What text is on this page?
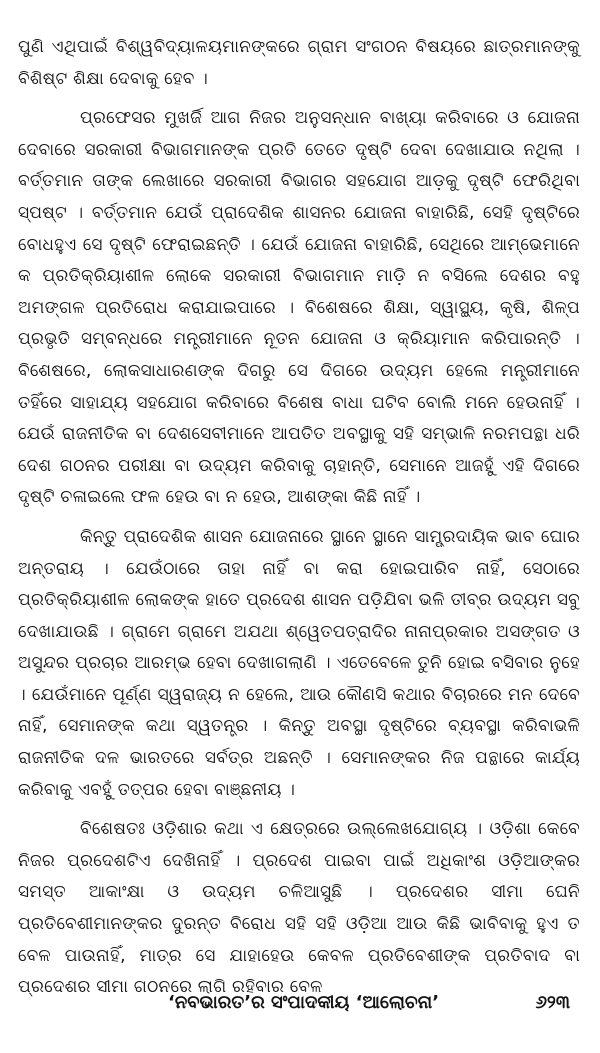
ପୁଣି ଏଥିପାଇଁ ବିଶ୍ୱବିଦ୍ୟାଳୟମାନଙ୍କରେ ଗ୍ରାମ ସଂଗଠନ ବିଷୟରେ ଛାତ୍ରମାନଙ୍କୁ ବିଶିଷ୍ଟ ଶିକ୍ଷା ଦେବାକୁ ହେବ ।

ପ୍ରଫେସର ମୁଖର୍ଜି ଆଗ ନିଜର ଅନୁସନ୍ଧାନ ବାଖ୍ୟା କରିବାରେ ଓ ଯୋଜନା ଦେବାରେ ସରକାରୀ ବିଭାଗମାନଙ୍କ ପ୍ରତି ତେତେ ଦୃଷ୍ଟି ଦେବା ଦେଖାଯାଉ ନଥିଲା । ବର୍ତ୍ତମାନ ତାଙ୍କ ଲେଖାରେ ସରକାରୀ ବିଭାଗର ସହଯୋଗ ଆଡ଼କୁ ଦୃଷ୍ଟି ଫେରିଥିବା ସ୍ପଷ୍ଟ । ବର୍ତ୍ତମାନ ଯେଉଁ ପ୍ରାଦେଶିକ ଶାସନର ଯୋଜନା ବାହାରିଛି, ସେହି ଦୃଷ୍ଟିରେ ବୋଧହୁଏ ସେ ଦୃଷ୍ଟି ଫେରାଇଛନ୍ତି । ଯେଉଁ ଯୋଜନା ବାହାରିଛି, ସେଥିରେ ଆମ୍ଭେମାନେ କ ପ୍ରତିକ୍ରିୟାଶୀଳ ଲୋକେ ସରକାରୀ ବିଭାଗମାନ ମାଡ଼ି ନ ବସିଲେ ଦେଶର ବହୁ ଅମଙ୍ଗଳ ପ୍ରତିରୋଧ କରାଯାଇପାରେ । ବିଶେଷରେ ଶିକ୍ଷା, ସ୍ୱାସ୍ଥ୍ୟ, କୃଷି, ଶିଳ୍ପ ପ୍ରଭୃତି ସମ୍ବନ୍ଧରେ ମନ୍ତ୍ରୀମାନେ ନୂତନ ଯୋଜନା ଓ କ୍ରିୟାମାନ କରିପାରନ୍ତି । ବିଶେଷରେ, ଲୋକସାଧାରଣଙ୍କ ଦିଗରୁ ସେ ଦିଗରେ ଉଦ୍ୟମ ହେଲେ ମନ୍ତ୍ରୀମାନେ ତହିଁରେ ସାହାଯ୍ୟ ସହଯୋଗ କରିବାରେ ବିଶେଷ ବାଧା ଘଟିବ ବୋଲି ମନେ ହେଉନାହିଁ । ଯେଉଁ ରାଜନୀତିକ ବା ଦେଶସେବୀମାନେ ଆପତିତ ଅବସ୍ଥାକୁ ସହି ସମ୍ଭାଳି ନରମପନ୍ଥା ଧରି ଦେଶ ଗଠନର ପରୀକ୍ଷା ବା ଉଦ୍ୟମ କରିବାକୁ ଚାହାନ୍ତି, ସେମାନେ ଆଜହୁଁ ଏହି ଦିଗରେ ଦୃଷ୍ଟି ଚଳାଇଲେ ଫଳ ହେଉ ବା ନ ହେଉ, ଆଶଙ୍କା କିଛି ନାହିଁ ।

କିନ୍ତୁ ପ୍ରାଦେଶିକ ଶାସନ ଯୋଜନାରେ ସ୍ଥାନେ ସ୍ଥାନେ ସାମ୍ପ୍ରଦାୟିକ ଭାବ ଘୋର ଅନ୍ତରାୟ । ଯେଉଁଠାରେ ତାହା ନାହିଁ ବା କରା ହୋଇପାରିବ ନାହିଁ, ସେଠାରେ ପ୍ରତିକ୍ରିୟାଶୀଳ ଲୋକଙ୍କ ହାତେ ପ୍ରଦେଶ ଶାସନ ପଡ଼ିଯିବା ଭଳି ତୀବ୍ର ଉଦ୍ୟମ ସବୁ ଦେଖାଯାଉଛି । ଗ୍ରାମେ ଗ୍ରାମେ ଅଯଥା ଶ୍ୱେତପତ୍ରାଦିର ନାନାପ୍ରକାର ଅସଙ୍ଗତ ଓ ଅସୁନ୍ଦର ପ୍ରଚାର ଆରମ୍ଭ ହେବା ଦେଖାଗଲାଣି । ଏତେବେଳେ ତୁନି ହୋଇ ବସିବାର ନୁହେ । ଯେଉଁମାନେ ପୂର୍ଣ୍ଣ ସ୍ୱରାଜ୍ୟ ନ ହେଲେ, ଆଉ କୌଣସି କଥାର ବିଚାରରେ ମନ ଦେବେ ନାହିଁ, ସେମାନଙ୍କ କଥା ସ୍ୱତନ୍ତ୍ର । କିନ୍ତୁ ଅବସ୍ଥା ଦୃଷ୍ଟିରେ ବ୍ୟବସ୍ଥା କରିବାଭଳି ରାଜନୀତିକ ଦଳ ଭାରତରେ ସର୍ବତ୍ର ଅଛନ୍ତି । ସେମାନଙ୍କର ନିଜ ପନ୍ଥାରେ କାର୍ଯ୍ୟ କରିବାକୁ ଏବହୁଁ ତତ୍ପର ହେବା ବାଞ୍ଛନୀୟ ।

ବିଶେଷତଃ ଓଡ଼ିଶାର କଥା ଏ କ୍ଷେତ୍ରରେ ଉଲ୍ଲେଖଯୋଗ୍ୟ । ଓଡ଼ିଶା କେବେ ନିଜର ପ୍ରଦେଶଟିଏ ଦେଖିନାହିଁ । ପ୍ରଦେଶ ପାଇବା ପାଇଁ ଅଧିକାଂଶ ଓଡ଼ିଆଙ୍କର ସମସ୍ତ ଆକାଂକ୍ଷା ଓ ଉଦ୍ୟମ ଚଳିଆସୁଛି । ପ୍ରଦେଶର ସୀମା ଘେନି ପ୍ରତିବେଶୀମାନଙ୍କର ଦୁରନ୍ତ ବିରୋଧ ସହି ସହି ଓଡ଼ିଆ ଆଉ କିଛି ଭାବିବାକୁ ହୁଏ ତ ବେଳ ପାଉନାହିଁ, ମାତ୍ର ସେ ଯାହାହେଉ କେବଳ ପ୍ରତିବେଶୀଙ୍କ ପ୍ରତିବାଦ ବା ପ୍ରଦେଶର ସୀମା ଗଠନରେ ଲାଗି ରହିବାର ବେଳ

‘ନବଭାରତ’ର ସଂପାଦକୀୟ ‘ଆଲୋଚନା’	୬୨୩
